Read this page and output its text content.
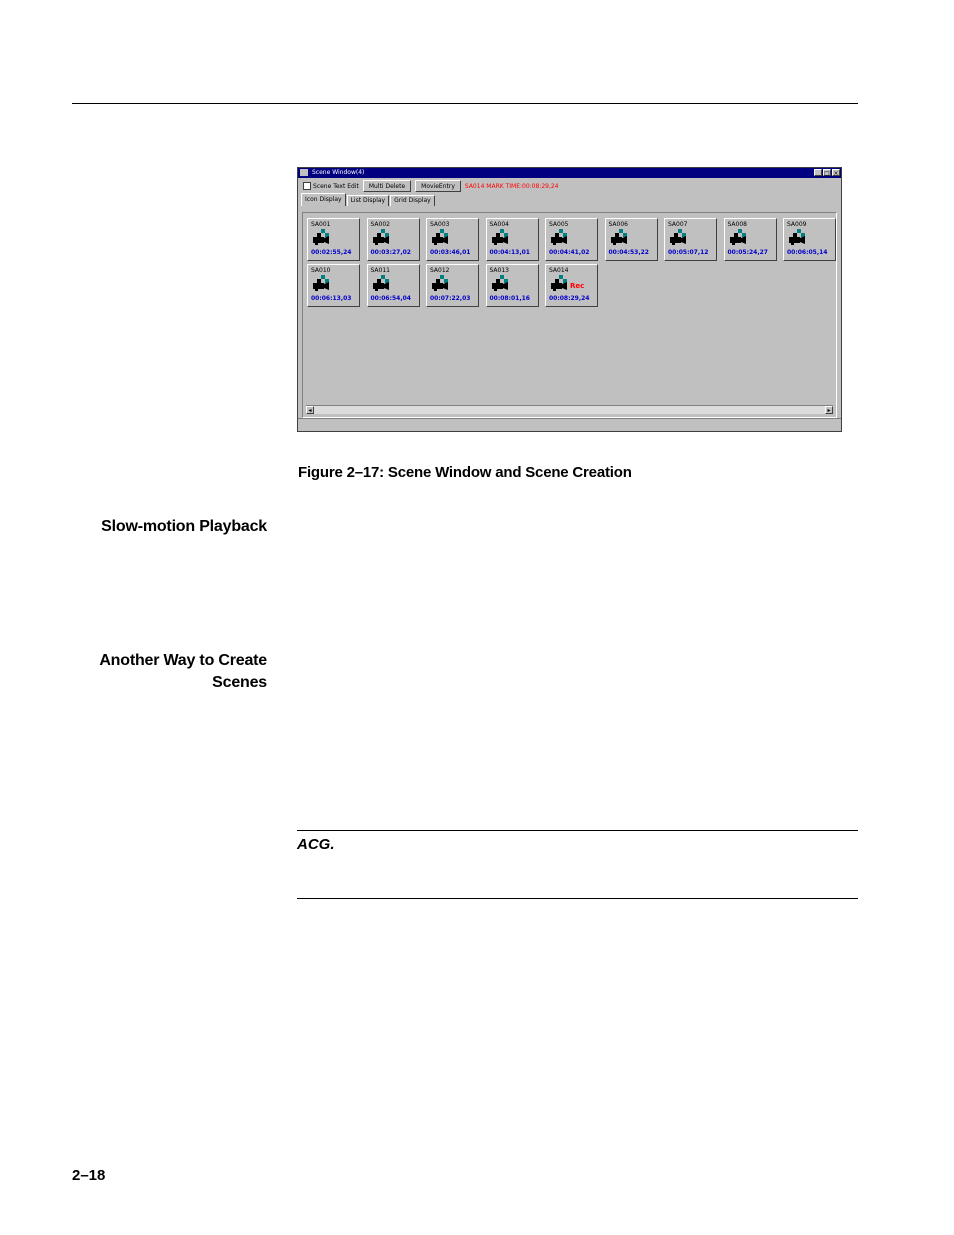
Scene Window(4)	_ □ ×
Scene Text Edit	Multi Delete	MovieEntry	SA014 MARK TIME:00:08:29,24
Icon Display	List Display	Grid Display
SA001
00:02:55,24
SA002
00:03:27,02
SA003
00:03:46,01
SA004
00:04:13,01
SA005
00:04:41,02
SA006
00:04:53,22
SA007
00:05:07,12
SA008
00:05:24,27
SA009
00:06:05,14
SA010
00:06:13,03
SA011
00:06:54,04
SA012
00:07:22,03
SA013
00:08:01,16
SA014
Rec
00:08:29,24
◂	▸
Figure 2–17: Scene Window and Scene Creation
Slow-motion Playback
Another Way to Create
Scenes
ACG.
2–18
